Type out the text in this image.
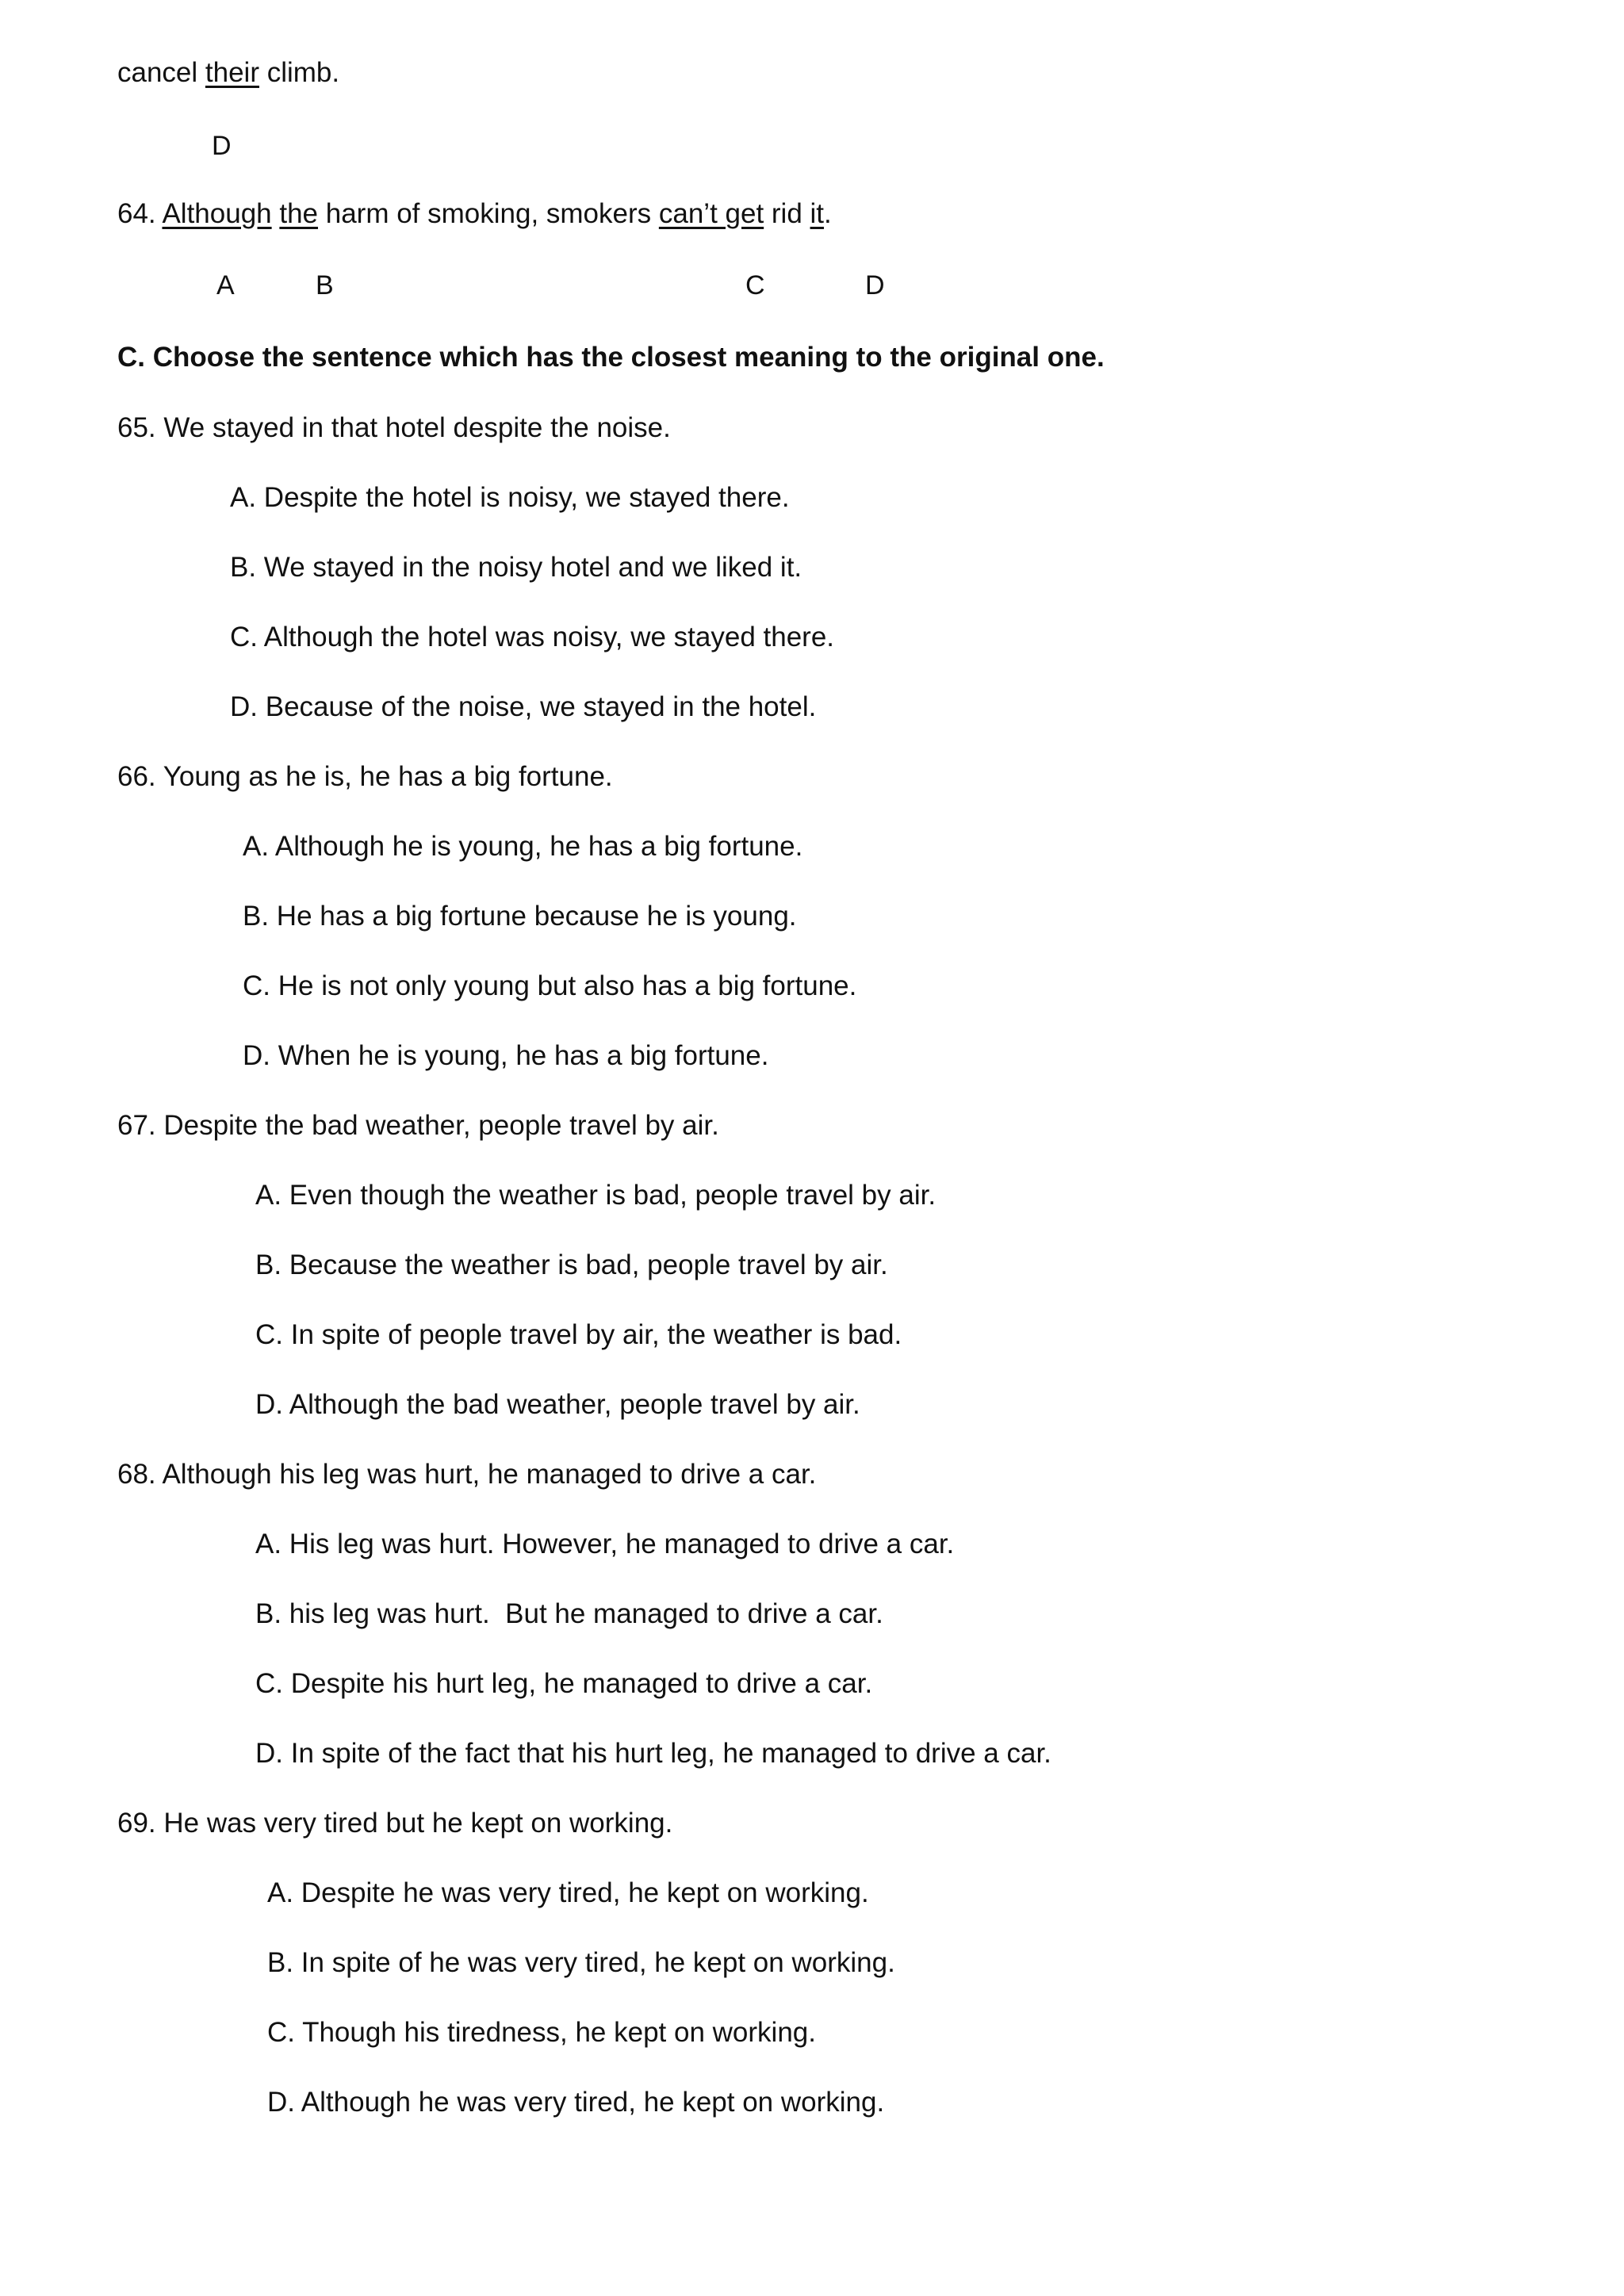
cancel their climb.
D
64. Although the harm of smoking, smokers can’t get rid it.
A	B	C	D
C. Choose the sentence which has the closest meaning to the original one.
65. We stayed in that hotel despite the noise.
A. Despite the hotel is noisy, we stayed there.
B. We stayed in the noisy hotel and we liked it.
C. Although the hotel was noisy, we stayed there.
D. Because of the noise, we stayed in the hotel.
66. Young as he is, he has a big fortune.
A. Although he is young, he has a big fortune.
B. He has a big fortune because he is young.
C. He is not only young but also has a big fortune.
D. When he is young, he has a big fortune.
67. Despite the bad weather, people travel by air.
A. Even though the weather is bad, people travel by air.
B. Because the weather is bad, people travel by air.
C. In spite of people travel by air, the weather is bad.
D. Although the bad weather, people travel by air.
68. Although his leg was hurt, he managed to drive a car.
A. His leg was hurt. However, he managed to drive a car.
B. his leg was hurt.  But he managed to drive a car.
C. Despite his hurt leg, he managed to drive a car.
D. In spite of the fact that his hurt leg, he managed to drive a car.
69. He was very tired but he kept on working.
A. Despite he was very tired, he kept on working.
B. In spite of he was very tired, he kept on working.
C. Though his tiredness, he kept on working.
D. Although he was very tired, he kept on working.
